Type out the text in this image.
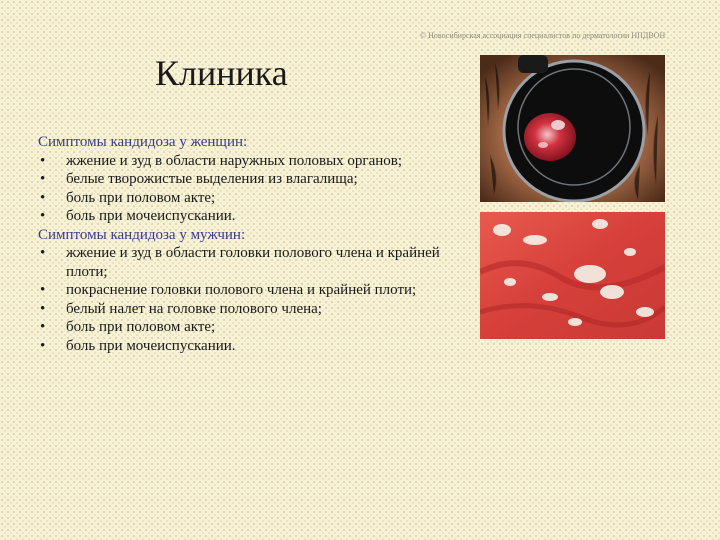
© Новосибирская ассоциация специалистов по дерматологии НПДВОН
Клиника
Симптомы кандидоза у женщин:
• жжение и зуд в области наружных половых органов;
• белые творожистые выделения из влагалища;
• боль при половом акте;
• боль при мочеиспускании.
Симптомы кандидоза у мужчин:
• жжение и зуд в области головки полового члена и крайней плоти;
• покраснение головки полового члена и крайней плоти;
• белый налет на головке полового члена;
• боль при половом акте;
• боль при мочеиспускании.
